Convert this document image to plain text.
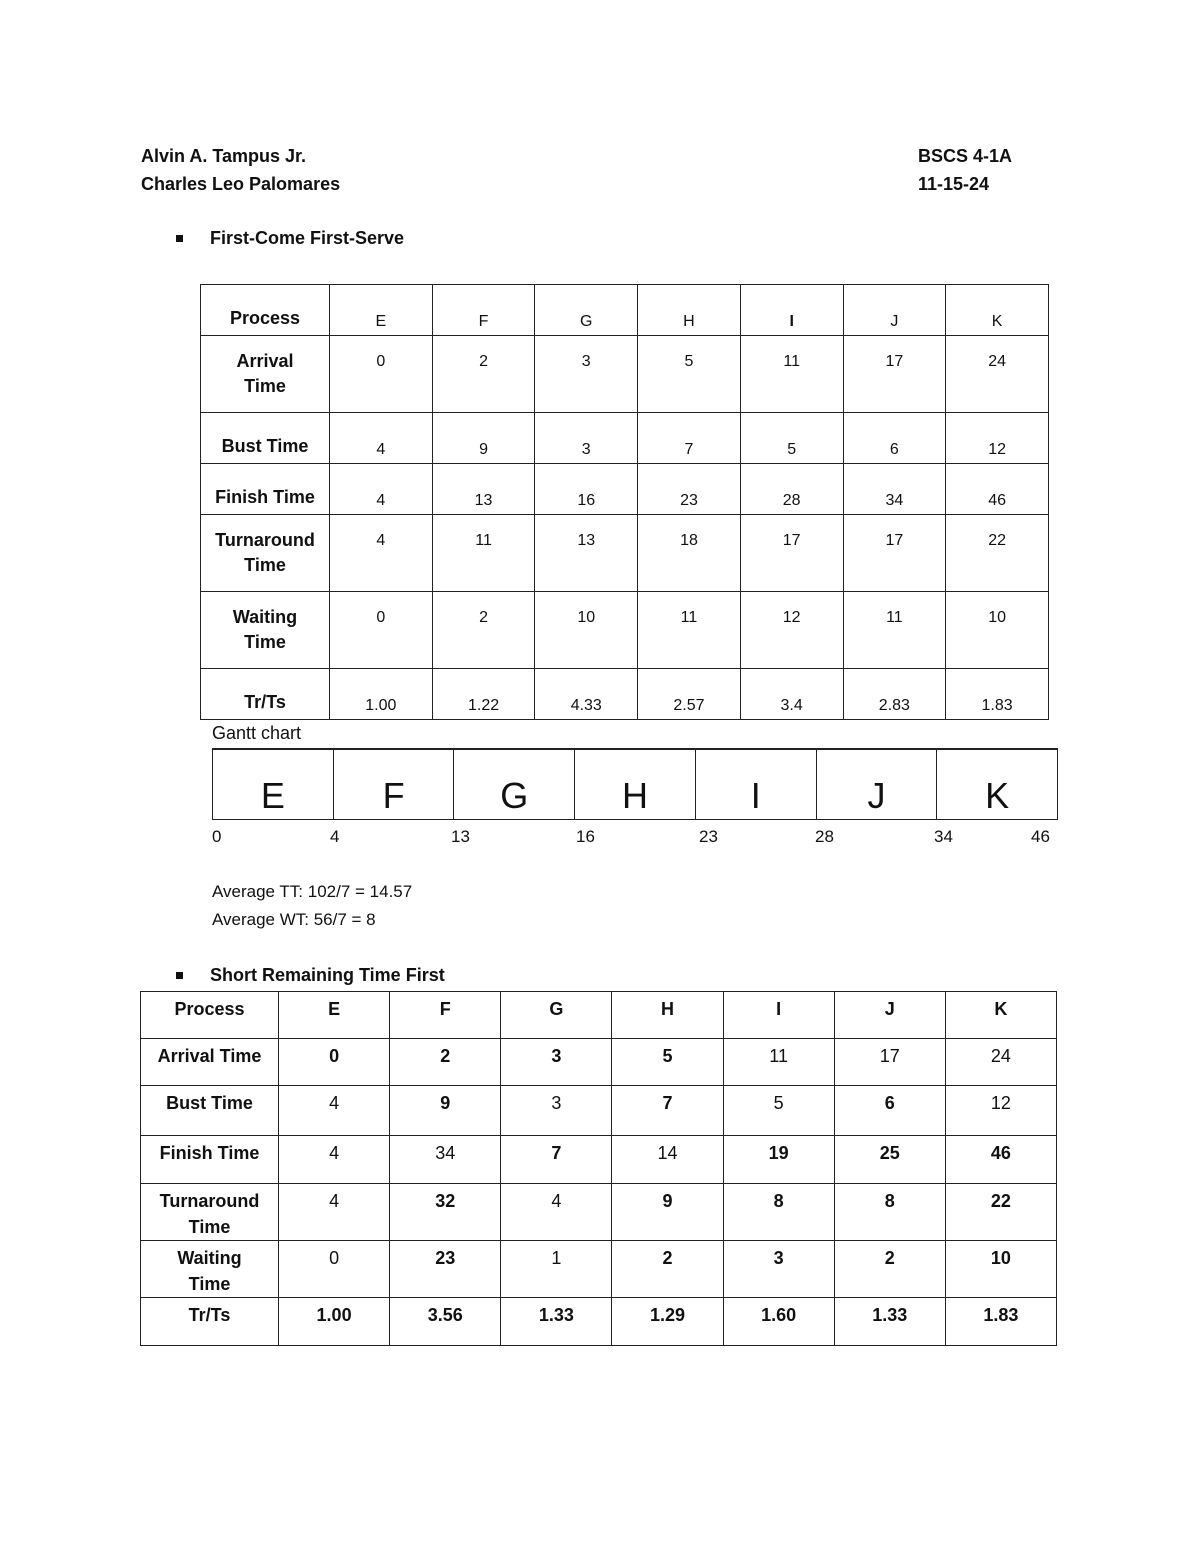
Alvin A. Tampus Jr.
Charles Leo Palomares
BSCS 4-1A
11-15-24
First-Come First-Serve
Process	E	F	G	H	I	J	K

Arrival
Time	0	2	3	5	11	17	24
Bust Time	4	9	3	7	5	6	12
Finish Time	4	13	16	23	28	34	46

Turnaround
Time	4	11	13	18	17	17	22

Waiting
Time	0	2	10	11	12	11	10
Tr/Ts	1.00	1.22	4.33	2.57	3.4	2.83	1.83
Gantt chart
E	F	G	H	I	J	K
0	4	13	16	23	28	34	46
Average TT: 102/7 = 14.57
Average WT: 56/7 = 8
Short Remaining Time First
Process	E	F	G	H	I	J	K
Arrival Time	0	2	3	5	11	17	24
Bust Time	4	9	3	7	5	6	12
Finish Time	4	34	7	14	19	25	46

Turnaround
Time	4	32	4	9	8	8	22

Waiting
Time	0	23	1	2	3	2	10
Tr/Ts	1.00	3.56	1.33	1.29	1.60	1.33	1.83
